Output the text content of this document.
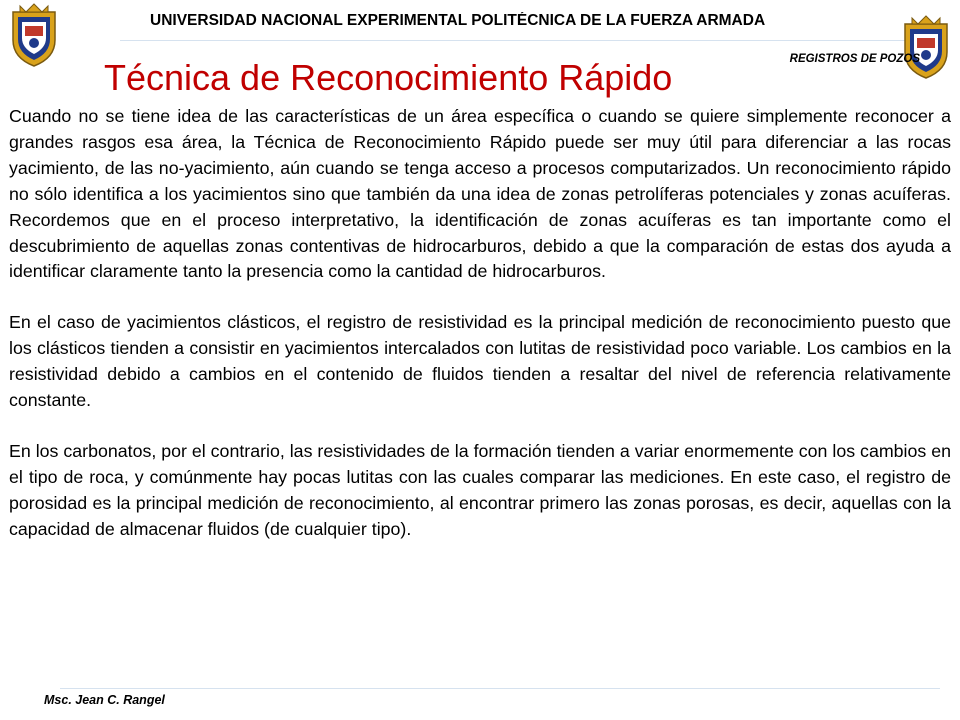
UNIVERSIDAD NACIONAL EXPERIMENTAL POLITÉCNICA DE LA FUERZA ARMADA
REGISTROS DE POZOS
Técnica de Reconocimiento Rápido

Cuando no se tiene idea de las características de un área específica o cuando se quiere simplemente reconocer a grandes rasgos esa área, la Técnica de Reconocimiento Rápido puede ser muy útil para diferenciar a las rocas yacimiento, de las no-yacimiento, aún cuando se tenga acceso a procesos computarizados. Un reconocimiento rápido no sólo identifica a los yacimientos sino que también da una idea de zonas petrolíferas potenciales y zonas acuíferas. Recordemos que en el proceso interpretativo, la identificación de zonas acuíferas es tan importante como el descubrimiento de aquellas zonas contentivas de hidrocarburos, debido a que la comparación de estas dos ayuda a identificar claramente tanto la presencia como la cantidad de hidrocarburos.

En el caso de yacimientos clásticos, el registro de resistividad es la principal medición de reconocimiento puesto que los clásticos tienden a consistir en yacimientos intercalados con lutitas de resistividad poco variable. Los cambios en la resistividad debido a cambios en el contenido de fluidos tienden a resaltar del nivel de referencia relativamente constante.

En los carbonatos, por el contrario, las resistividades de la formación tienden a variar enormemente con los cambios en el tipo de roca, y comúnmente hay pocas lutitas con las cuales comparar las mediciones. En este caso, el registro de porosidad es la principal medición de reconocimiento, al encontrar primero las zonas porosas, es decir, aquellas con la capacidad de almacenar fluidos (de cualquier tipo).

Msc. Jean C. Rangel
